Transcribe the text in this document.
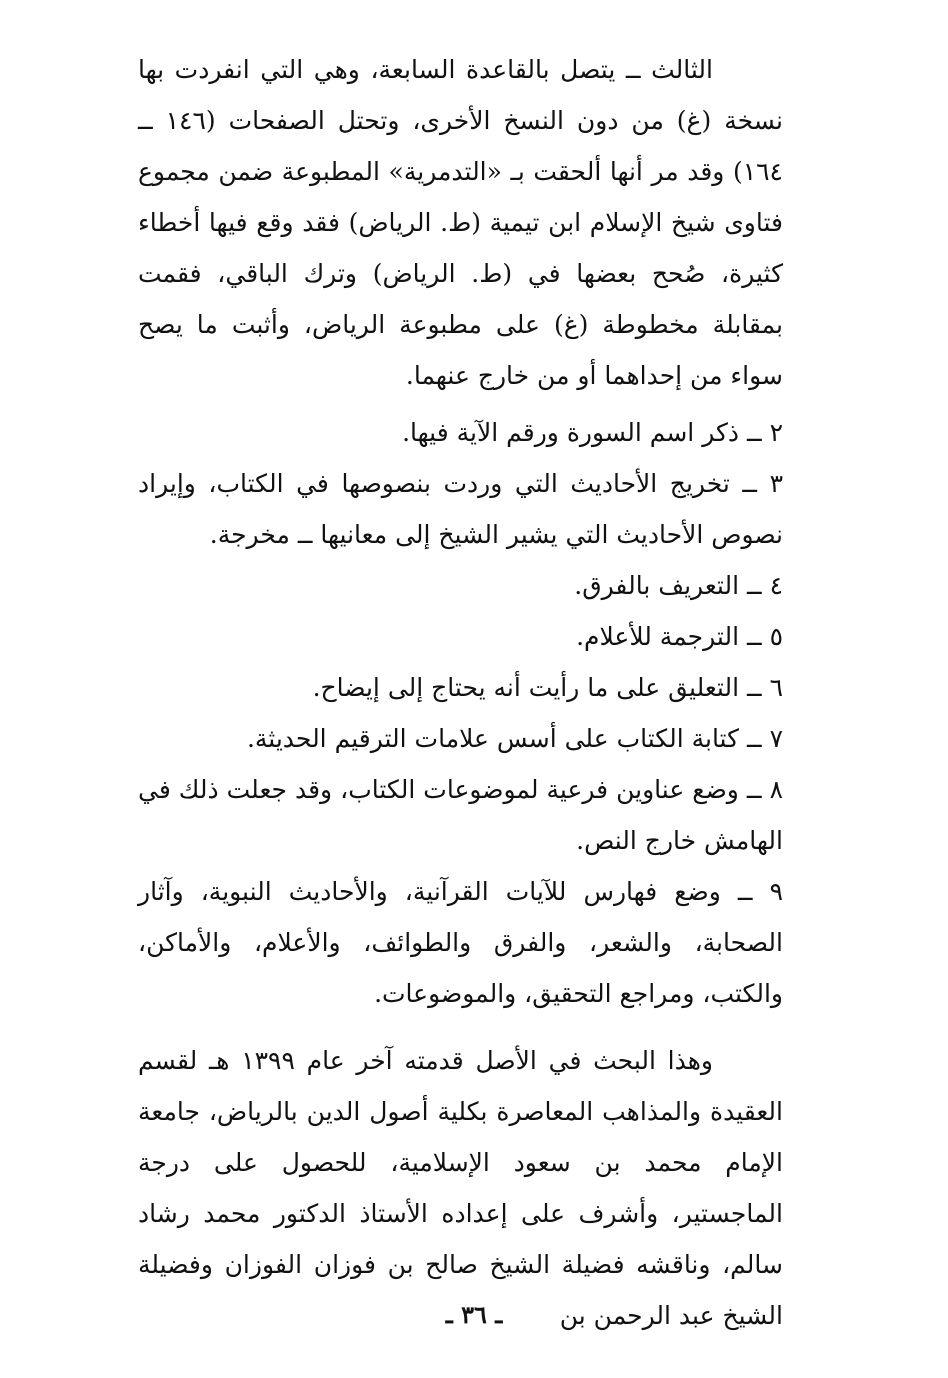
الثالث ــ يتصل بالقاعدة السابعة، وهي التي انفردت بها نسخة (غ) من دون النسخ الأخرى، وتحتل الصفحات (١٤٦ ــ ١٦٤) وقد مر أنها ألحقت بـ «التدمرية» المطبوعة ضمن مجموع فتاوى شيخ الإسلام ابن تيمية (ط. الرياض) فقد وقع فيها أخطاء كثيرة، صُحح بعضها في (ط. الرياض) وترك الباقي، فقمت بمقابلة مخطوطة (غ) على مطبوعة الرياض، وأثبت ما يصح سواء من إحداهما أو من خارج عنهما.

٢ ــ ذكر اسم السورة ورقم الآية فيها.

٣ ــ تخريج الأحاديث التي وردت بنصوصها في الكتاب، وإيراد نصوص الأحاديث التي يشير الشيخ إلى معانيها ــ مخرجة.

٤ ــ التعريف بالفرق.

٥ ــ الترجمة للأعلام.

٦ ــ التعليق على ما رأيت أنه يحتاج إلى إيضاح.

٧ ــ كتابة الكتاب على أسس علامات الترقيم الحديثة.

٨ ــ وضع عناوين فرعية لموضوعات الكتاب، وقد جعلت ذلك في الهامش خارج النص.

٩ ــ وضع فهارس للآيات القرآنية، والأحاديث النبوية، وآثار الصحابة، والشعر، والفرق والطوائف، والأعلام، والأماكن، والكتب، ومراجع التحقيق، والموضوعات.

وهذا البحث في الأصل قدمته آخر عام ١٣٩٩ هـ لقسم العقيدة والمذاهب المعاصرة بكلية أصول الدين بالرياض، جامعة الإمام محمد بن سعود الإسلامية، للحصول على درجة الماجستير، وأشرف على إعداده الأستاذ الدكتور محمد رشاد سالم، وناقشه فضيلة الشيخ صالح بن فوزان الفوزان وفضيلة الشيخ عبد الرحمن بن

ـ ٣٦ ـ
